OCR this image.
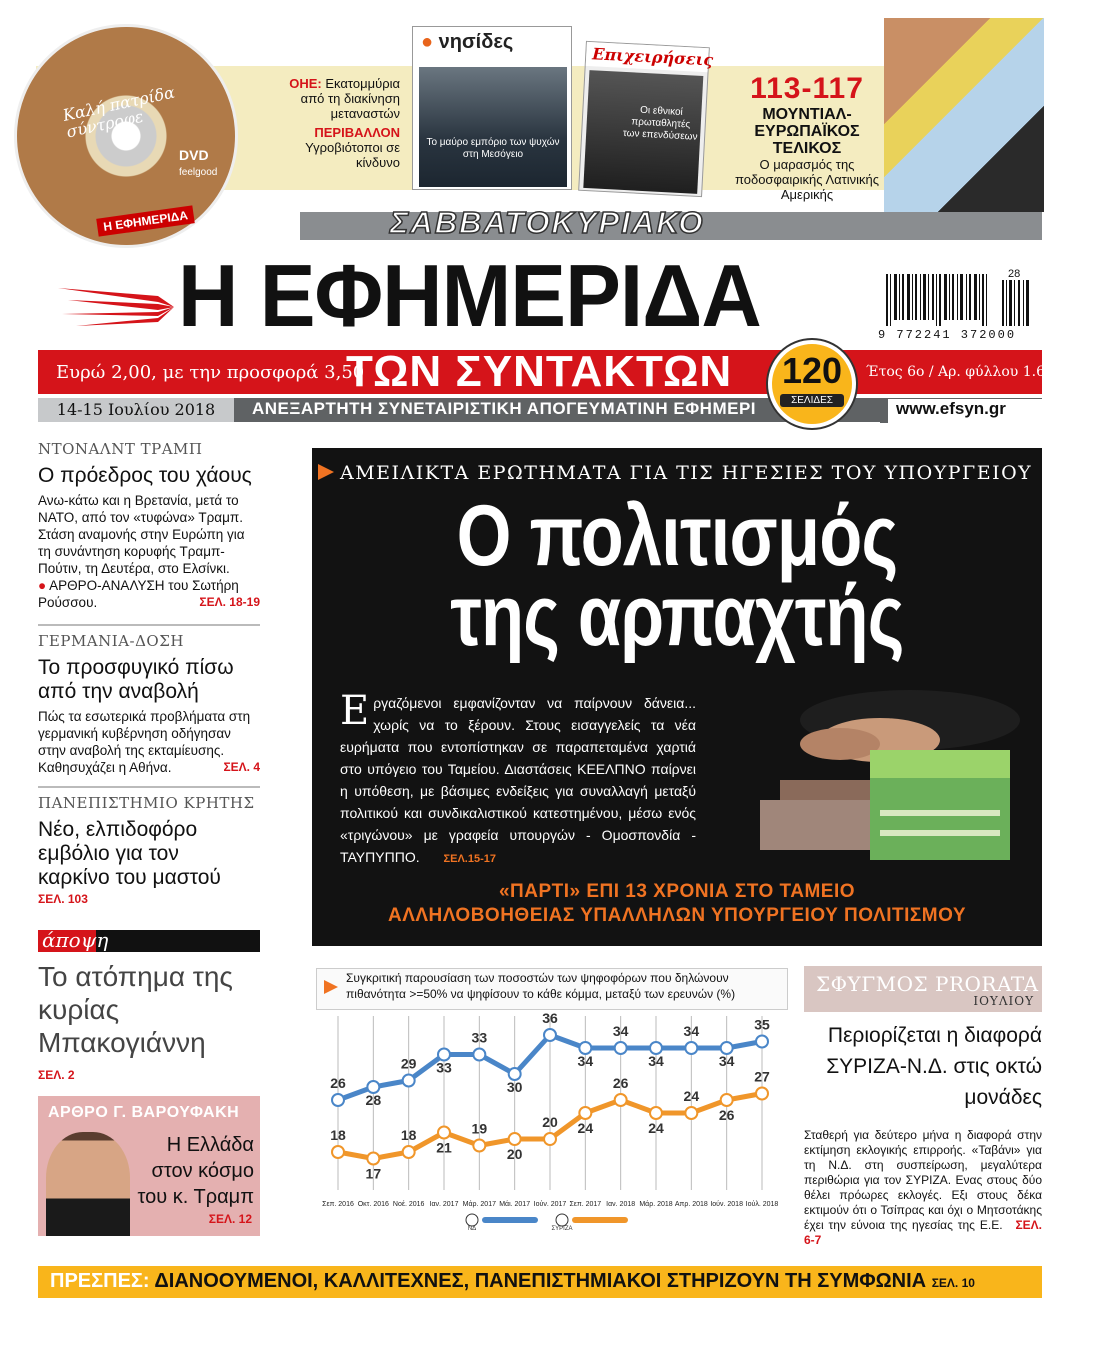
Καλή πατρίδα σύντροφε
DVD
feelgood
Η ΕΦΗΜΕΡΙΔΑ
ΟΗΕ: Εκατομμύρια από τη διακίνηση μεταναστών
ΠΕΡΙΒΑΛΛΟΝ
Υγροβιότοποι σε κίνδυνο
● νησίδες
Το μαύρο εμπόριο των ψυχών στη Μεσόγειο
Επιχειρήσεις
Οι εθνικοί πρωταθλητές των επενδύσεων
113-117
ΜΟΥΝΤΙΑΛ- ΕΥΡΩΠΑΪΚΟΣ ΤΕΛΙΚΟΣ
Ο μαρασμός της ποδοσφαιρικής Λατινικής Αμερικής
ΣΑΒΒΑΤΟΚΥΡΙΑΚΟ
Η ΕΦΗΜΕΡΙΔΑ	28
9 772241 372000
Ευρώ 2,00, με την προσφορά 3,50
ΤΩΝ ΣΥΝΤΑΚΤΩΝ	Έτος 6ο / Αρ. φύλλου 1.663
14-15 Ιουλίου 2018	ΑΝΕΞΑΡΤΗΤΗ ΣΥΝΕΤΑΙΡΙΣΤΙΚΗ ΑΠΟΓΕΥΜΑΤΙΝΗ ΕΦΗΜΕΡΙ	www.efsyn.gr
120
ΣΕΛΙΔΕΣ
ΝΤΟΝΑΛΝΤ ΤΡΑΜΠ
Ο πρόεδρος του χάους
Ανω-κάτω και η Βρετανία, μετά το ΝΑΤΟ, από τον «τυφώνα» Τραμπ. Στάση αναμονής στην Ευρώπη για τη συνάντηση κορυφής Τραμπ-Πούτιν, τη Δευτέρα, στο Ελσίνκι.
● ΑΡΘΡΟ-ΑΝΑΛΥΣΗ του Σωτήρη Ρούσσου.	ΣΕΛ. 18-19
ΓΕΡΜΑΝΙΑ-ΔΟΣΗ
Το προσφυγικό πίσω από την αναβολή
Πώς τα εσωτερικά προβλήματα στη γερμανική κυβέρνηση οδήγησαν στην αναβολή της εκταμίευσης. Καθησυχάζει η Αθήνα.	ΣΕΛ. 4
ΠΑΝΕΠΙΣΤΗΜΙΟ ΚΡΗΤΗΣ
Νέο, ελπιδοφόρο εμβόλιο για τον καρκίνο του μαστού
ΣΕΛ. 103
άποψη
Το ατόπημα της κυρίας Μπακογιάννη
ΣΕΛ. 2
ΑΡΘΡΟ Γ. ΒΑΡΟΥΦΑΚΗ
Η Ελλάδα στον κόσμο του κ. Τραμπ
ΣΕΛ. 12
ΑΜΕΙΛΙΚΤΑ ΕΡΩΤΗΜΑΤΑ ΓΙΑ ΤΙΣ ΗΓΕΣΙΕΣ ΤΟΥ ΥΠΟΥΡΓΕΙΟΥ
Ο πολιτισμός
της αρπαχτής
Εργαζόμενοι εμφανίζονταν να παίρνουν δάνεια... χωρίς να το ξέρουν. Στους εισαγγελείς τα νέα ευρήματα που εντοπίστηκαν σε παραπεταμένα χαρτιά στο υπόγειο του Ταμείου. Διαστάσεις ΚΕΕΛΠΝΟ παίρνει η υπόθεση, με βάσιμες ενδείξεις για συναλλαγή μεταξύ πολιτικού και συνδικαλιστικού κατεστημένου, μέσω ενός «τριγώνου» με γραφεία υπουργών - Ομοσπονδία - ΤΑΥΠΥΠΠΟ. ΣΕΛ.15-17
«ΠΑΡΤΙ» ΕΠΙ 13 ΧΡΟΝΙΑ ΣΤΟ ΤΑΜΕΙΟ
ΑΛΛΗΛΟΒΟΗΘΕΙΑΣ ΥΠΑΛΛΗΛΩΝ ΥΠΟΥΡΓΕΙΟΥ ΠΟΛΙΤΙΣΜΟΥ
Συγκριτική παρουσίαση των ποσοστών των ψηφοφόρων που δηλώνουν πιθανότητα >=50% να ψηφίσουν το κάθε κόμμα, μεταξύ των ερευνών (%)
26
28
29 33
33
30
36
34
34
34
34
34
35
18
17
18
21
19
20
20 24
26
24
24
26
27
Σεπ. 2016 Οκτ. 2016 Νοέ. 2016 Ιαν. 2017 Μάρ. 2017 Μάι. 2017 Ιούν. 2017 Σεπ. 2017 Ιαν. 2018 Μάρ. 2018 Απρ. 2018 Ιούν. 2018 Ιούλ. 2018
ΝΔ	ΣΥΡΙΖΑ
ΣΦΥΓΜΟΣ PRORATA
ΙΟΥΛΙΟΥ
Περιορίζεται η διαφορά ΣΥΡΙΖΑ-Ν.Δ. στις οκτώ μονάδες
Σταθερή για δεύτερο μήνα η διαφορά στην εκτίμηση εκλογικής επιρροής. «Ταβάνι» για τη Ν.Δ. στη συσπείρωση, μεγαλύτερα περιθώρια για τον ΣΥΡΙΖΑ. Ενας στους δύο θέλει πρόωρες εκλογές. Εξι στους δέκα εκτιμούν ότι ο Τσίπρας και όχι ο Μητσοτάκης έχει την εύνοια της ηγεσίας της Ε.Ε. ΣΕΛ. 6-7
ΠΡΕΣΠΕΣ: ΔΙΑΝΟΟΥΜΕΝΟΙ, ΚΑΛΛΙΤΕΧΝΕΣ, ΠΑΝΕΠΙΣΤΗΜΙΑΚΟΙ ΣΤΗΡΙΖΟΥΝ ΤΗ ΣΥΜΦΩΝΙΑ ΣΕΛ. 10
